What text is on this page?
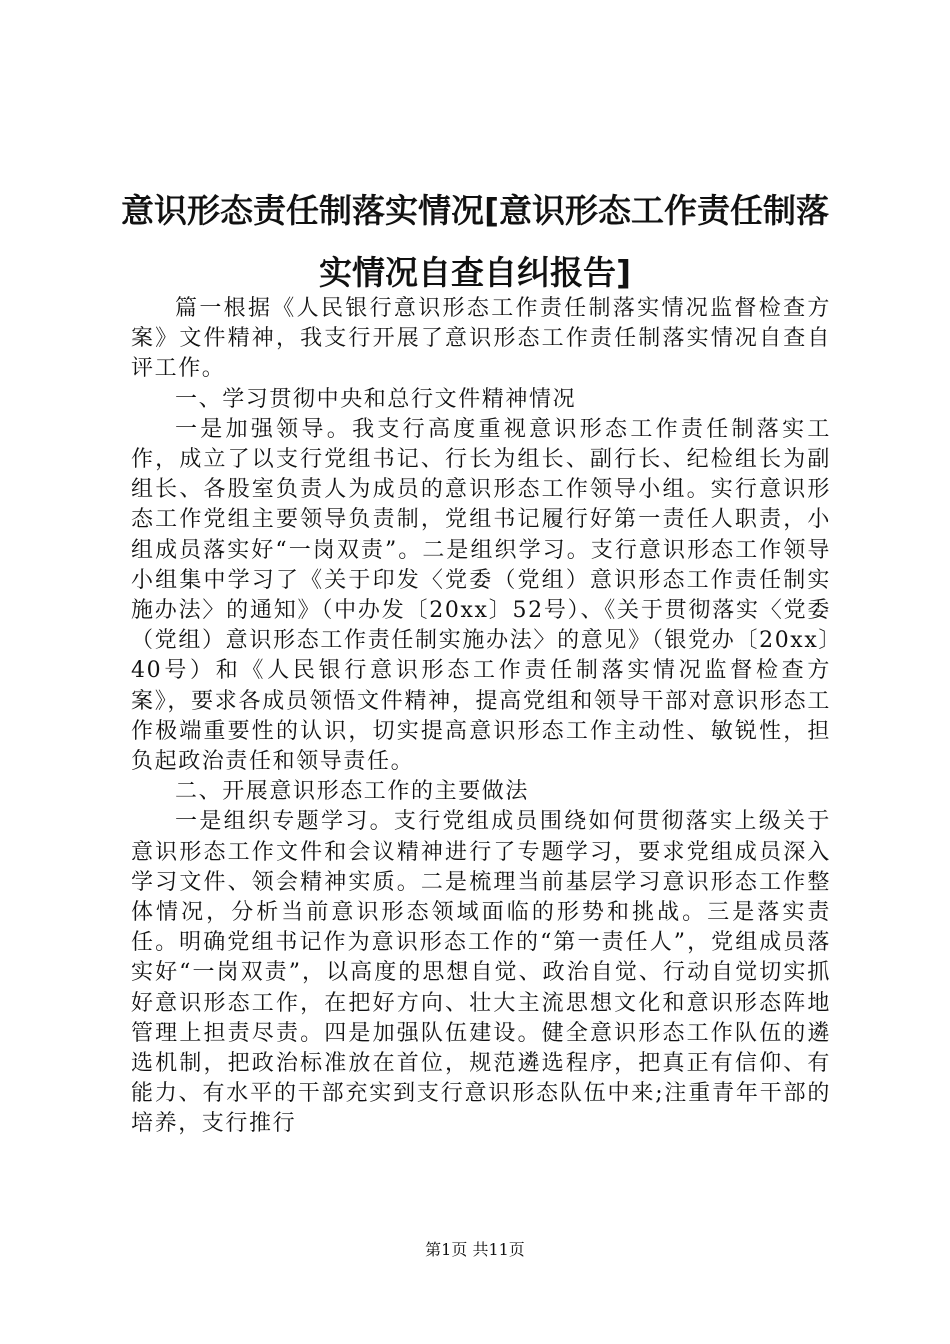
意识形态责任制落实情况[意识形态工作责任制落实情况自查自纠报告]

篇一根据《人民银行意识形态工作责任制落实情况监督检查方案》文件精神，我支行开展了意识形态工作责任制落实情况自查自评工作。

一、学习贯彻中央和总行文件精神情况

一是加强领导。我支行高度重视意识形态工作责任制落实工作，成立了以支行党组书记、行长为组长、副行长、纪检组长为副组长、各股室负责人为成员的意识形态工作领导小组。实行意识形态工作党组主要领导负责制，党组书记履行好第一责任人职责，小组成员落实好“一岗双责”。二是组织学习。支行意识形态工作领导小组集中学习了《关于印发〈党委（党组）意识形态工作责任制实施办法〉的通知》（中办发〔20xx〕52号）、《关于贯彻落实〈党委（党组）意识形态工作责任制实施办法〉的意见》（银党办〔20xx〕40号）和《人民银行意识形态工作责任制落实情况监督检查方案》，要求各成员领悟文件精神，提高党组和领导干部对意识形态工作极端重要性的认识，切实提高意识形态工作主动性、敏锐性，担负起政治责任和领导责任。

二、开展意识形态工作的主要做法

一是组织专题学习。支行党组成员围绕如何贯彻落实上级关于意识形态工作文件和会议精神进行了专题学习，要求党组成员深入学习文件、领会精神实质。二是梳理当前基层学习意识形态工作整体情况，分析当前意识形态领域面临的形势和挑战。三是落实责任。明确党组书记作为意识形态工作的“第一责任人”，党组成员落实好“一岗双责”，以高度的思想自觉、政治自觉、行动自觉切实抓好意识形态工作，在把好方向、壮大主流思想文化和意识形态阵地管理上担责尽责。四是加强队伍建设。健全意识形态工作队伍的遴选机制，把政治标准放在首位，规范遴选程序，把真正有信仰、有能力、有水平的干部充实到支行意识形态队伍中来;注重青年干部的培养，支行推行

第1页 共11页
